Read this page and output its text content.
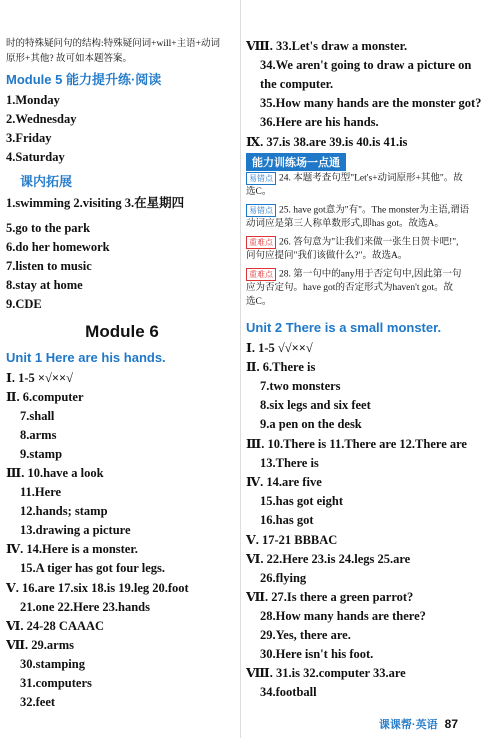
时的特殊疑问句的结构:特殊疑问词+will+主语+动词
原形+其他? 故可如本题答案。
Module 5 能力提升练·阅读
1.Monday
2.Wednesday
3.Friday
4.Saturday
课内拓展
1.swimming 2.visiting 3.在星期四
5.go to the park
6.do her homework
7.listen to music
8.stay at home
9.CDE
Module 6
Unit 1 Here are his hands.
Ⅰ. 1-5 ×√××√
Ⅱ. 6.computer
7.shall
8.arms
9.stamp
Ⅲ. 10.have a look
11.Here
12.hands; stamp
13.drawing a picture
Ⅳ. 14.Here is a monster.
15.A tiger has got four legs.
Ⅴ. 16.are 17.six 18.is 19.leg 20.foot
21.one 22.Here 23.hands
Ⅵ. 24-28 CAAAC
Ⅶ. 29.arms
30.stamping
31.computers
32.feet
Ⅷ. 33.Let's draw a monster.
34.We aren't going to draw a picture on
the computer.
35.How many hands are the monster got?
36.Here are his hands.
Ⅸ. 37.is 38.are 39.is 40.is 41.is
能力训练场一点通
易错点 24. 本题考查句型"Let's+动词原形+其他"。故
选C。
易错点 25. have got意为"有"。The monster为主语,谓语
动词应是第三人称单数形式,即has got。故选A。
重难点 26. 答句意为"让我们来做一张生日贺卡吧!",
问句应提问"我们该做什么?"。故选A。
重难点 28. 第一句中的any用于否定句中,因此第一句
应为否定句。have got的否定形式为haven't got。故
选C。
Unit 2 There is a small monster.
Ⅰ. 1-5 √√××√
Ⅱ. 6.There is
7.two monsters
8.six legs and six feet
9.a pen on the desk
Ⅲ. 10.There is 11.There are 12.There are
13.There is
Ⅳ. 14.are five
15.has got eight
16.has got
Ⅴ. 17-21 BBBAC
Ⅵ. 22.Here 23.is 24.legs 25.are
26.flying
Ⅶ. 27.Is there a green parrot?
28.How many hands are there?
29.Yes, there are.
30.Here isn't his foot.
Ⅷ. 31.is 32.computer 33.are
34.football
课课帮·英语 87
